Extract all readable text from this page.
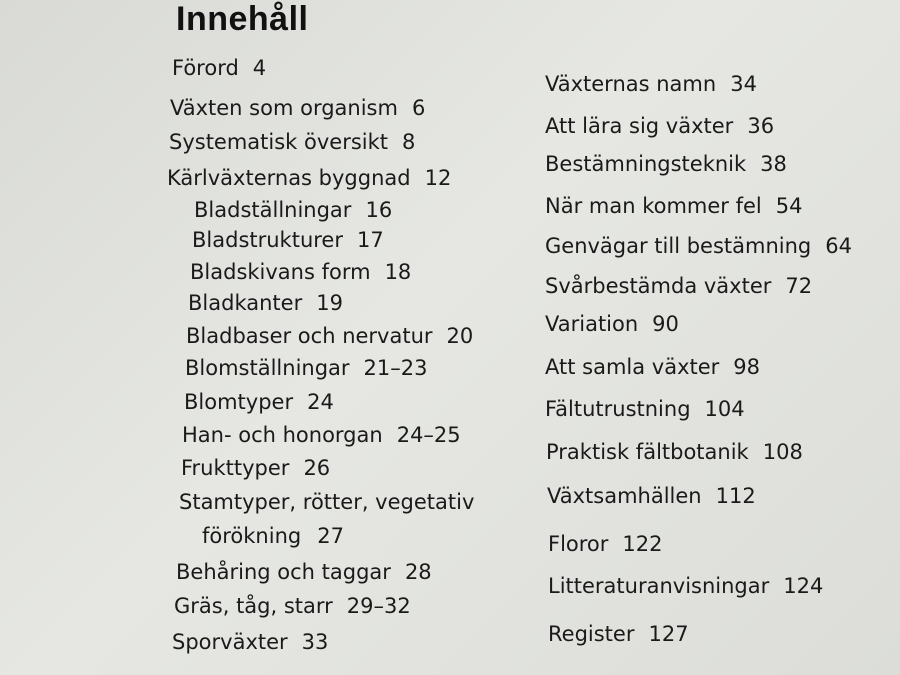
Innehåll
Förord 4
Växten som organism 6
Systematisk översikt 8
Kärlväxternas byggnad 12
Bladställningar 16
Bladstrukturer 17
Bladskivans form 18
Bladkanter 19
Bladbaser och nervatur 20
Blomställningar 21–23
Blomtyper 24
Han- och honorgan 24–25
Frukttyper 26
Stamtyper, rötter, vegetativ
förökning 27
Behåring och taggar 28
Gräs, tåg, starr 29–32
Sporväxter 33
Växternas namn 34
Att lära sig växter 36
Bestämningsteknik 38
När man kommer fel 54
Genvägar till bestämning 64
Svårbestämda växter 72
Variation 90
Att samla växter 98
Fältutrustning 104
Praktisk fältbotanik 108
Växtsamhällen 112
Floror 122
Litteraturanvisningar 124
Register 127
